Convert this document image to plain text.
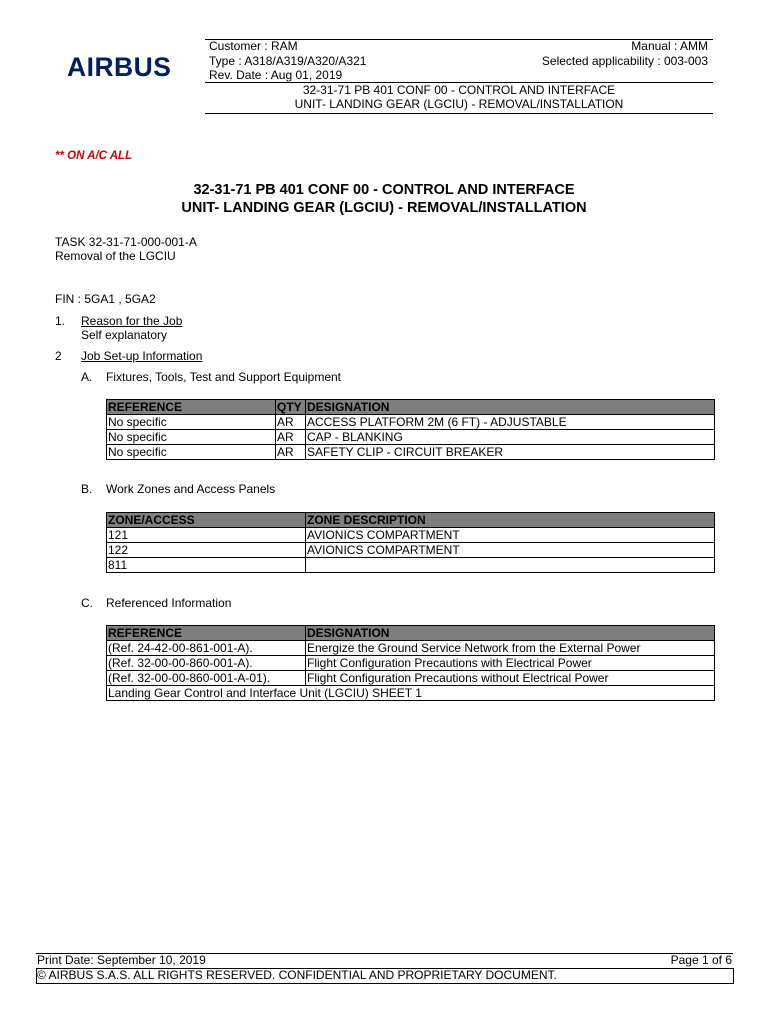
AIRBUS
Customer : RAM	Manual : AMM
Type : A318/A319/A320/A321	Selected applicability : 003-003
Rev. Date : Aug 01, 2019
32-31-71 PB 401 CONF 00 - CONTROL AND INTERFACE
UNIT- LANDING GEAR (LGCIU) - REMOVAL/INSTALLATION
** ON A/C ALL
32-31-71 PB 401 CONF 00 - CONTROL AND INTERFACE
UNIT- LANDING GEAR (LGCIU) - REMOVAL/INSTALLATION
TASK 32-31-71-000-001-A
Removal of the LGCIU
FIN : 5GA1 , 5GA2
1. Reason for the Job
Self explanatory
2 Job Set-up Information
A. Fixtures, Tools, Test and Support Equipment
REFERENCE	QTY	DESIGNATION
No specific	AR	ACCESS PLATFORM 2M (6 FT) - ADJUSTABLE
No specific	AR	CAP - BLANKING
No specific	AR	SAFETY CLIP - CIRCUIT BREAKER
B. Work Zones and Access Panels
ZONE/ACCESS	ZONE DESCRIPTION
121	AVIONICS COMPARTMENT
122	AVIONICS COMPARTMENT
811	
C. Referenced Information
REFERENCE	DESIGNATION
(Ref. 24-42-00-861-001-A).	Energize the Ground Service Network from the External Power
(Ref. 32-00-00-860-001-A).	Flight Configuration Precautions with Electrical Power
(Ref. 32-00-00-860-001-A-01).	Flight Configuration Precautions without Electrical Power
Landing Gear Control and Interface Unit (LGCIU) SHEET 1	
Print Date: September 10, 2019	Page 1 of 6
© AIRBUS S.A.S. ALL RIGHTS RESERVED. CONFIDENTIAL AND PROPRIETARY DOCUMENT.
